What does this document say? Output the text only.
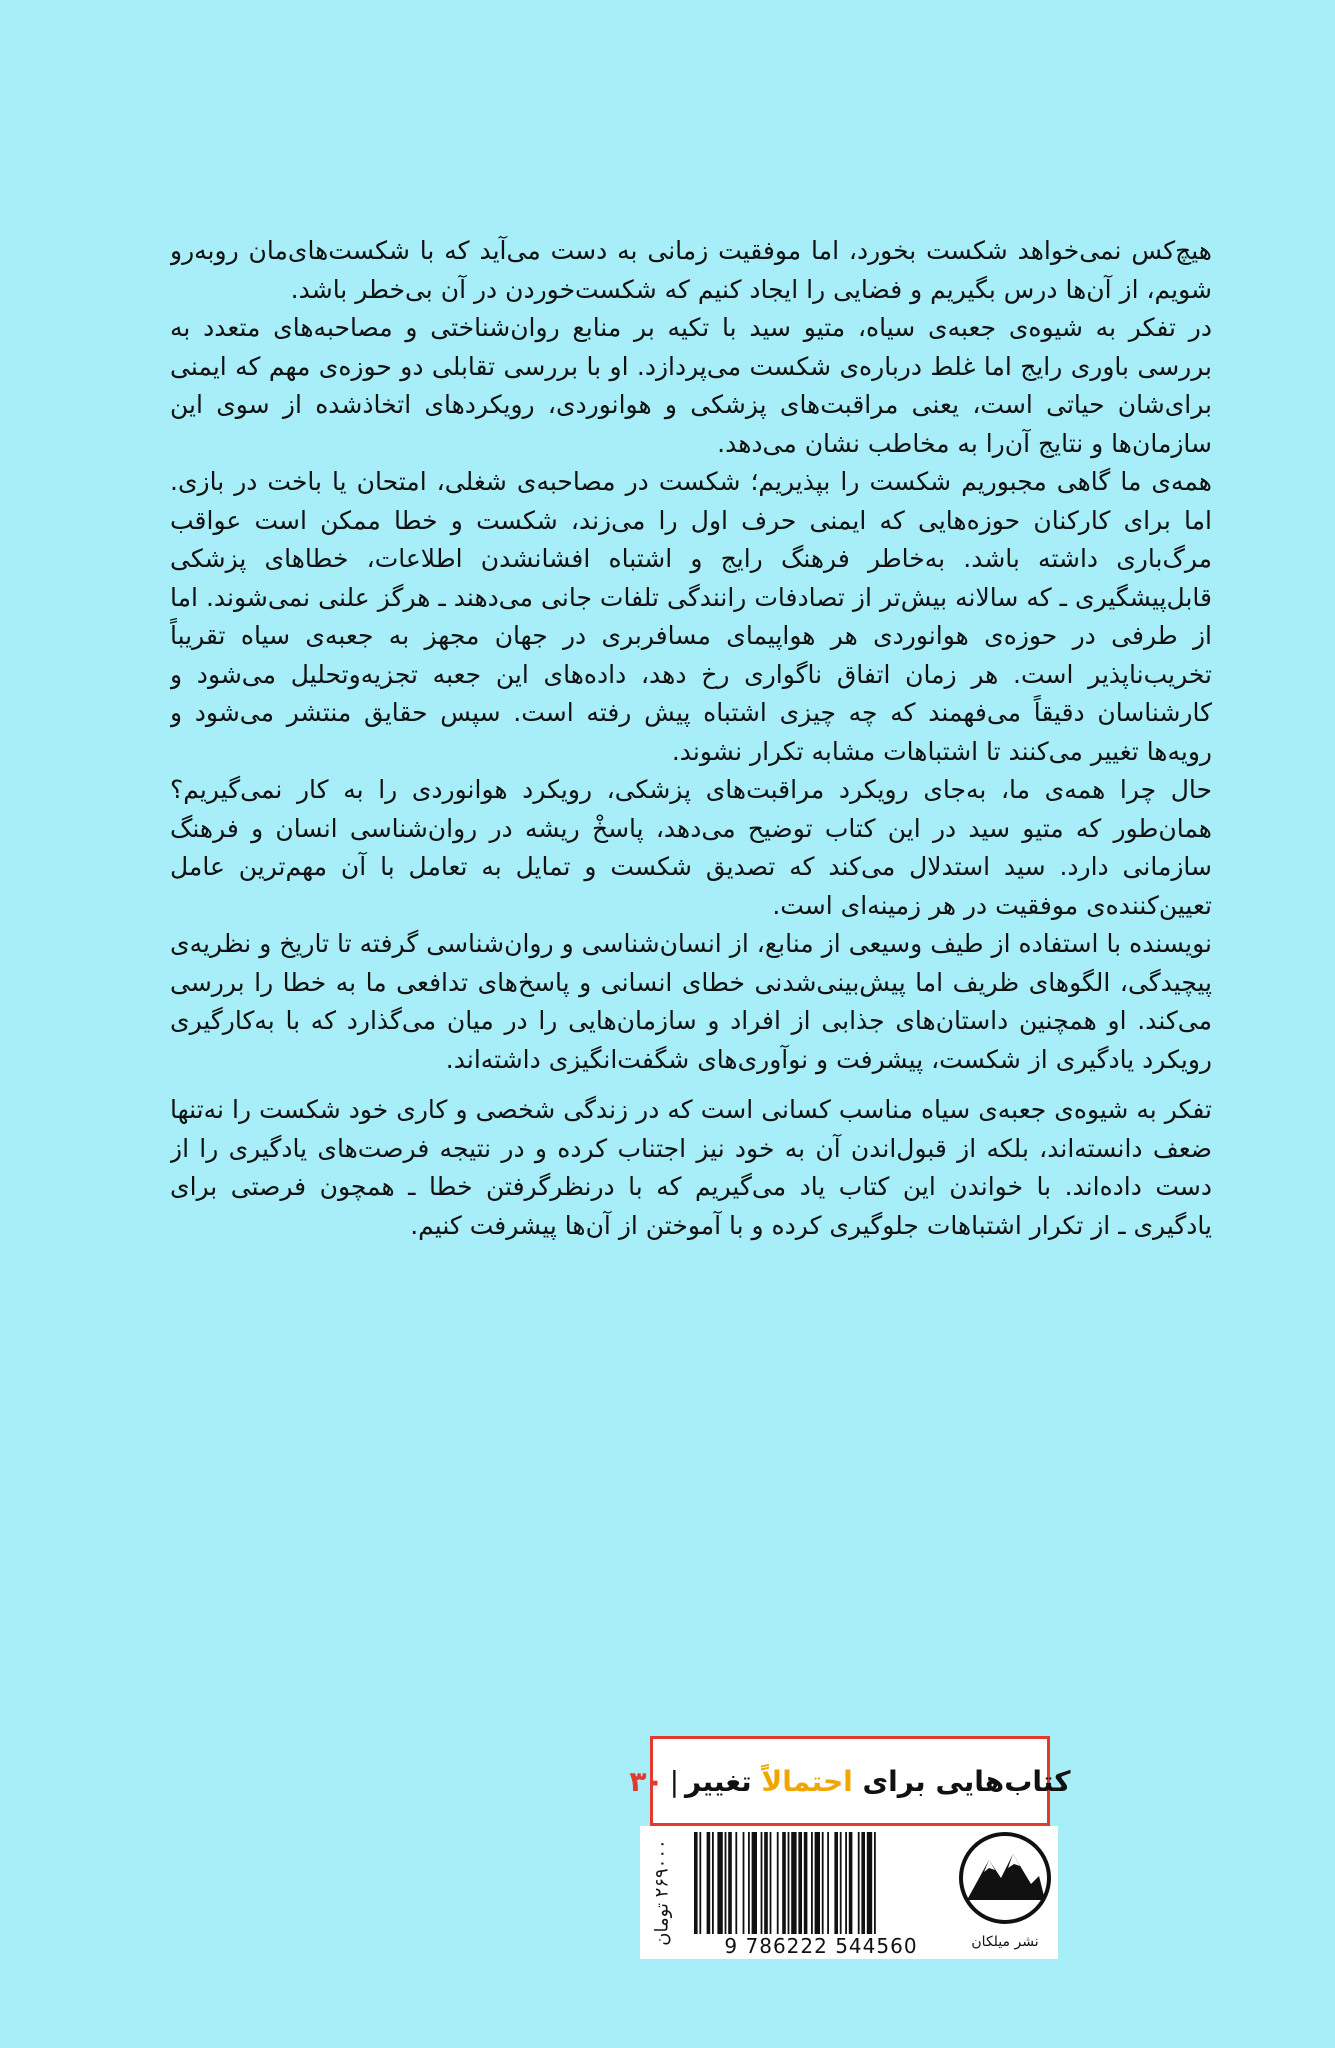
هیچ‌کس نمی‌خواهد شکست بخورد، اما موفقیت زمانی به دست می‌آید که با شکست‌های‌مان روبه‌رو شویم، از آن‌ها درس بگیریم و فضایی را ایجاد کنیم که شکست‌خوردن در آن بی‌خطر باشد.

در تفکر به شیوه‌ی جعبه‌ی سیاه، متیو سید با تکیه بر منابع روان‌شناختی و مصاحبه‌های متعدد به بررسی باوری رایج اما غلط درباره‌ی شکست می‌پردازد. او با بررسی تقابلی دو حوزه‌ی مهم که ایمنی برای‌شان حیاتی است، یعنی مراقبت‌های پزشکی و هوانوردی، رویکردهای اتخاذشده از سوی این سازمان‌ها و نتایج آن‌را به مخاطب نشان می‌دهد.

همه‌ی ما گاهی مجبوریم شکست را بپذیریم؛ شکست در مصاحبه‌ی شغلی، امتحان یا باخت در بازی. اما برای کارکنان حوزه‌هایی که ایمنی حرف اول را می‌زند، شکست و خطا ممکن است عواقب مرگ‌باری داشته باشد. به‌خاطر فرهنگ رایج و اشتباه افشانشدن اطلاعات، خطاهای پزشکی قابل‌پیشگیری ـ که سالانه بیش‌تر از تصادفات رانندگی تلفات جانی می‌دهند ـ هرگز علنی نمی‌شوند. اما از طرفی در حوزه‌ی هوانوردی هر هواپیمای مسافربری در جهان مجهز به جعبه‌ی سیاه تقریباً تخریب‌ناپذیر است. هر زمان اتفاق ناگواری رخ دهد، داده‌های این جعبه تجزیه‌وتحلیل می‌شود و کارشناسان دقیقاً می‌فهمند که چه چیزی اشتباه پیش رفته است. سپس حقایق منتشر می‌شود و رویه‌ها تغییر می‌کنند تا اشتباهات مشابه تکرار نشوند.

حال چرا همه‌ی ما، به‌جای رویکرد مراقبت‌های پزشکی، رویکرد هوانوردی را به کار نمی‌گیریم؟ همان‌طور که متیو سید در این کتاب توضیح می‌دهد، پاسخْ ریشه در روان‌شناسی انسان و فرهنگ سازمانی دارد. سید استدلال می‌کند که تصدیق شکست و تمایل به تعامل با آن مهم‌ترین عامل تعیین‌کننده‌ی موفقیت در هر زمینه‌ای است.

نویسنده با استفاده از طیف وسیعی از منابع، از انسان‌شناسی و روان‌شناسی گرفته تا تاریخ و نظریه‌ی پیچیدگی، الگوهای ظریف اما پیش‌بینی‌شدنی خطای انسانی و پاسخ‌های تدافعی ما به خطا را بررسی می‌کند. او همچنین داستان‌های جذابی از افراد و سازمان‌هایی را در میان می‌گذارد که با به‌کارگیری رویکرد یادگیری از شکست، پیشرفت و نوآوری‌های شگفت‌انگیزی داشته‌اند.

تفکر به شیوه‌ی جعبه‌ی سیاه مناسب کسانی است که در زندگی شخصی و کاری خود شکست را نه‌تنها ضعف دانسته‌اند، بلکه از قبول‌اندن آن به خود نیز اجتناب کرده و در نتیجه فرصت‌های یادگیری را از دست داده‌اند. با خواندن این کتاب یاد می‌گیریم که با درنظرگرفتن خطا ـ همچون فرصتی برای یادگیری ـ از تکرار اشتباهات جلوگیری کرده و با آموختن از آن‌ها پیشرفت کنیم.

کتاب‌هایی برای

احتمالاً

تغییر
|
۳۰
۲۶۹۰۰۰ تومان
9 786222 544560	نشر میلکان
